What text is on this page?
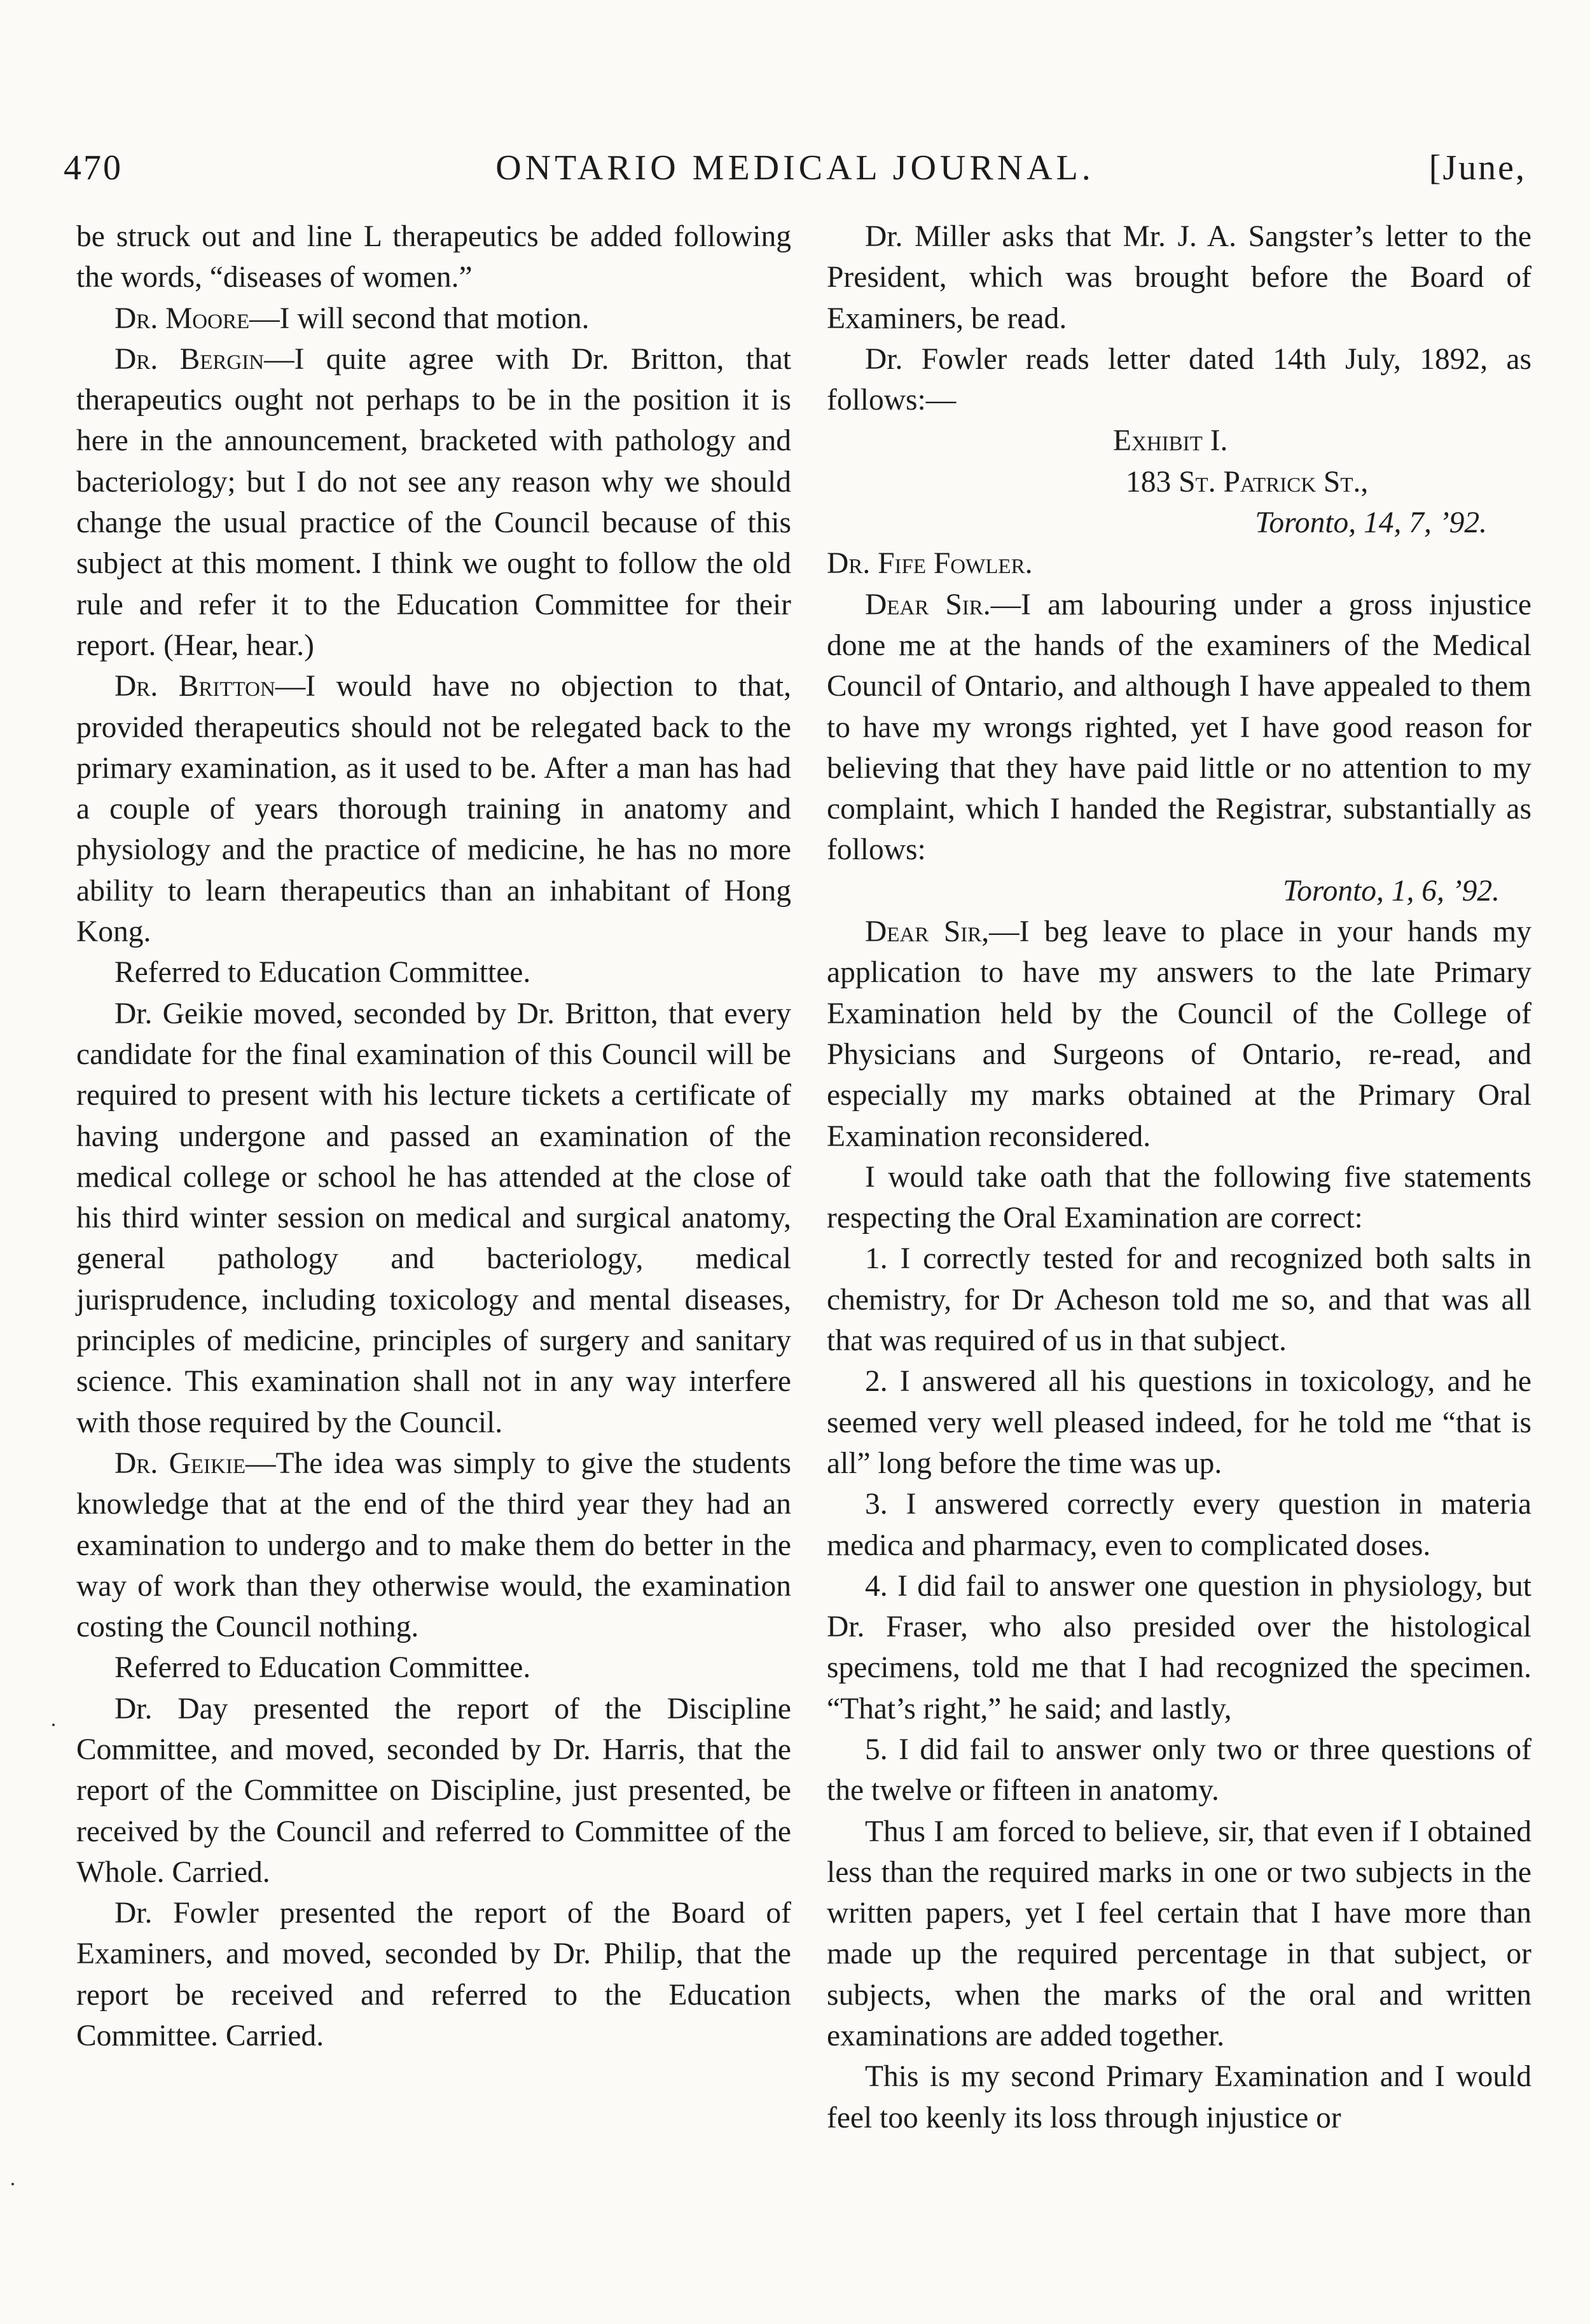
470	ONTARIO MEDICAL JOURNAL.	[June,

be struck out and line L therapeutics be added following the words, “diseases of women.”

Dr. Moore—I will second that motion.

Dr. Bergin—I quite agree with Dr. Britton, that therapeutics ought not perhaps to be in the position it is here in the announcement, bracketed with pathology and bacteriology; but I do not see any reason why we should change the usual practice of the Council because of this subject at this moment. I think we ought to follow the old rule and refer it to the Education Committee for their report. (Hear, hear.)

Dr. Britton—I would have no objection to that, provided therapeutics should not be relegated back to the primary examination, as it used to be. After a man has had a couple of years thorough training in anatomy and physiology and the practice of medicine, he has no more ability to learn therapeutics than an inhabitant of Hong Kong.

Referred to Education Committee.

Dr. Geikie moved, seconded by Dr. Britton, that every candidate for the final examination of this Council will be required to present with his lecture tickets a certificate of having undergone and passed an examination of the medical college or school he has attended at the close of his third winter session on medical and surgical anatomy, general pathology and bacteriology, medical jurisprudence, including toxicology and mental diseases, principles of medicine, principles of surgery and sanitary science. This examination shall not in any way interfere with those required by the Council.

Dr. Geikie—The idea was simply to give the students knowledge that at the end of the third year they had an examination to undergo and to make them do better in the way of work than they otherwise would, the examination costing the Council nothing.

Referred to Education Committee.

Dr. Day presented the report of the Discipline Committee, and moved, seconded by Dr. Harris, that the report of the Committee on Discipline, just presented, be received by the Council and referred to Committee of the Whole. Carried.

Dr. Fowler presented the report of the Board of Examiners, and moved, seconded by Dr. Philip, that the report be received and referred to the Education Committee. Carried.

Dr. Miller asks that Mr. J. A. Sangster’s letter to the President, which was brought before the Board of Examiners, be read.

Dr. Fowler reads letter dated 14th July, 1892, as follows:—

Exhibit I.

183 St. Patrick St.,

Toronto, 14, 7, ’92.

Dr. Fife Fowler.

Dear Sir.—I am labouring under a gross injustice done me at the hands of the examiners of the Medical Council of Ontario, and although I have appealed to them to have my wrongs righted, yet I have good reason for believing that they have paid little or no attention to my complaint, which I handed the Registrar, substantially as follows:

Toronto, 1, 6, ’92.

Dear Sir,—I beg leave to place in your hands my application to have my answers to the late Primary Examination held by the Council of the College of Physicians and Surgeons of Ontario, re-read, and especially my marks obtained at the Primary Oral Examination reconsidered.

I would take oath that the following five statements respecting the Oral Examination are correct:

1. I correctly tested for and recognized both salts in chemistry, for Dr Acheson told me so, and that was all that was required of us in that subject.

2. I answered all his questions in toxicology, and he seemed very well pleased indeed, for he told me “that is all” long before the time was up.

3. I answered correctly every question in materia medica and pharmacy, even to complicated doses.

4. I did fail to answer one question in physiology, but Dr. Fraser, who also presided over the histological specimens, told me that I had recognized the specimen. “That’s right,” he said; and lastly,

5. I did fail to answer only two or three questions of the twelve or fifteen in anatomy.

Thus I am forced to believe, sir, that even if I obtained less than the required marks in one or two subjects in the written papers, yet I feel certain that I have more than made up the required percentage in that subject, or subjects, when the marks of the oral and written examinations are added together.

This is my second Primary Examination and I would feel too keenly its loss through injustice or
